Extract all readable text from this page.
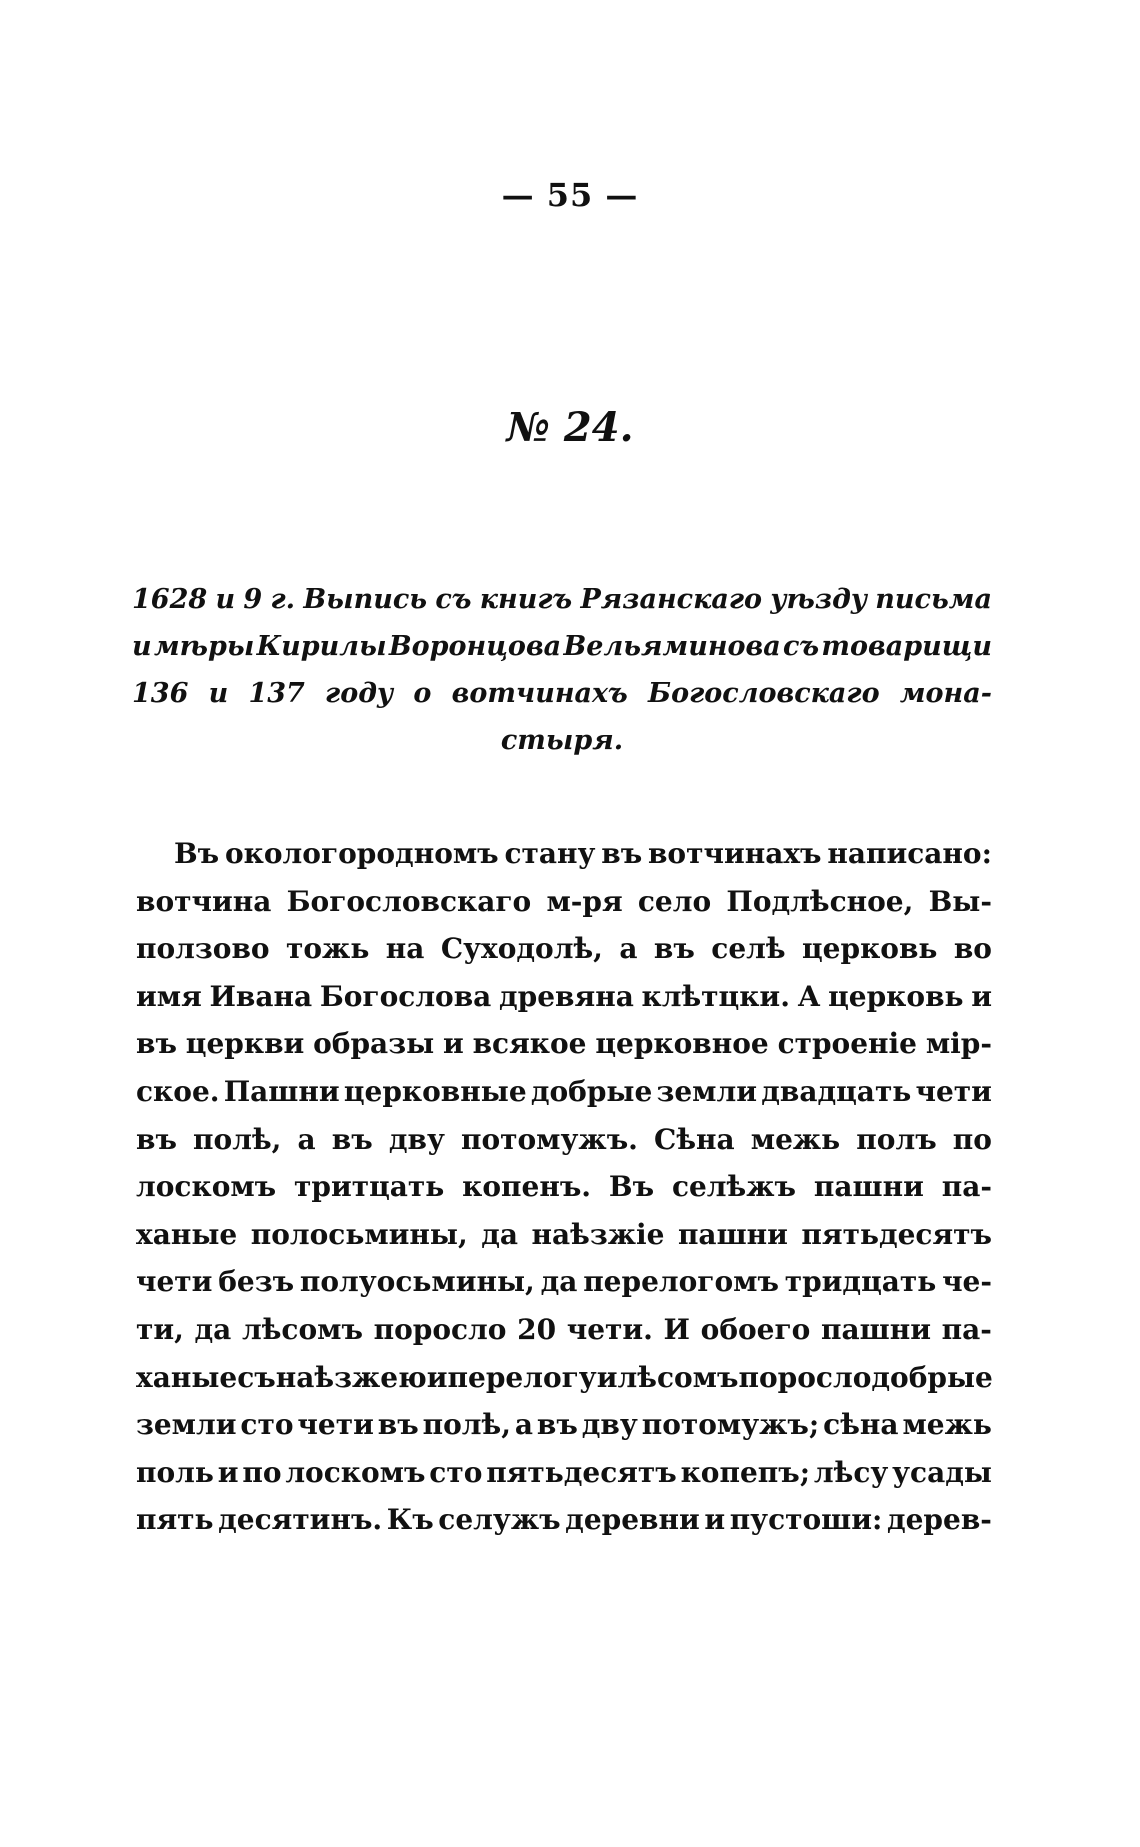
— 55 —
№ 24.
1628 и 9 г. Выпись съ книгъ Рязанскаго уѣзду письма
и мѣры Кирилы Воронцова Вельяминова съ товарищи
136 и 137 году о вотчинахъ Богословскаго мона-
стыря.
Въ окологородномъ стану въ вотчинахъ написано:
вотчина Богословскаго м-ря село Подлѣсное, Вы-
ползово тожь на Суходолѣ, а въ селѣ церковь во
имя Ивана Богослова древяна клѣтцки. А церковь и
въ церкви образы и всякое церковное строеніе мір-
ское. Пашни церковные добрые земли двадцать чети
въ полѣ, а въ дву потомужъ. Сѣна межь полъ по
лоскомъ тритцать копенъ. Въ селѣжъ пашни па-
ханые полосьмины, да наѣзжіе пашни пятьдесятъ
чети безъ полуосьмины, да перелогомъ тридцать че-
ти, да лѣсомъ поросло 20 чети. И обоего пашни па-
ханые съ наѣзжею и перелогу и лѣсомъ поросло добрые
земли сто чети въ полѣ, а въ дву потомужъ; сѣна межь
поль и по лоскомъ сто пятьдесятъ копепъ; лѣсу усады
пять десятинъ. Къ селужъ деревни и пустоши: дерев-
